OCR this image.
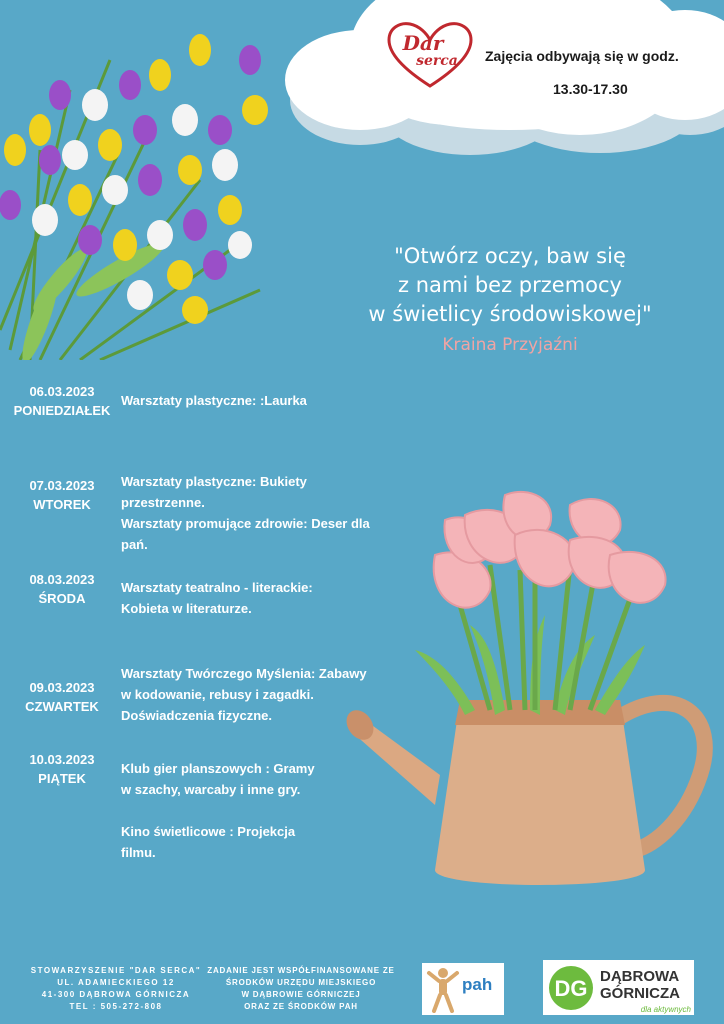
Dar
serca Zajęcia odbywają się w godz.
13.30-17.30
"Otwórz oczy, baw się
z nami bez przemocy
w świetlicy środowiskowej"
Kraina Przyjaźni
06.03.2023
PONIEDZIAŁEK
Warsztaty plastyczne: :Laurka
07.03.2023
WTOREK
Warsztaty plastyczne: Bukiety
przestrzenne.
Warsztaty promujące zdrowie: Deser dla
pań.
08.03.2023
ŚRODA
Warsztaty teatralno - literackie:
Kobieta w literaturze.
09.03.2023
CZWARTEK
Warsztaty Twórczego Myślenia: Zabawy
w kodowanie, rebusy i zagadki.
Doświadczenia fizyczne.
10.03.2023
PIĄTEK
Klub gier planszowych : Gramy
w szachy, warcaby i inne gry.
Kino świetlicowe : Projekcja
filmu.
STOWARZYSZENIE "DAR SERCA"
UL. ADAMIECKIEGO 12
41-300 DĄBROWA GÓRNICZA
TEL : 505-272-808
ZADANIE JEST WSPÓŁFINANSOWANE ZE
ŚRODKÓW URZĘDU MIEJSKIEGO
W DĄBROWIE GÓRNICZEJ
ORAZ ZE ŚRODKÓW PAH
pah	DG DĄBROWA
GÓRNICZA
dla aktywnych
